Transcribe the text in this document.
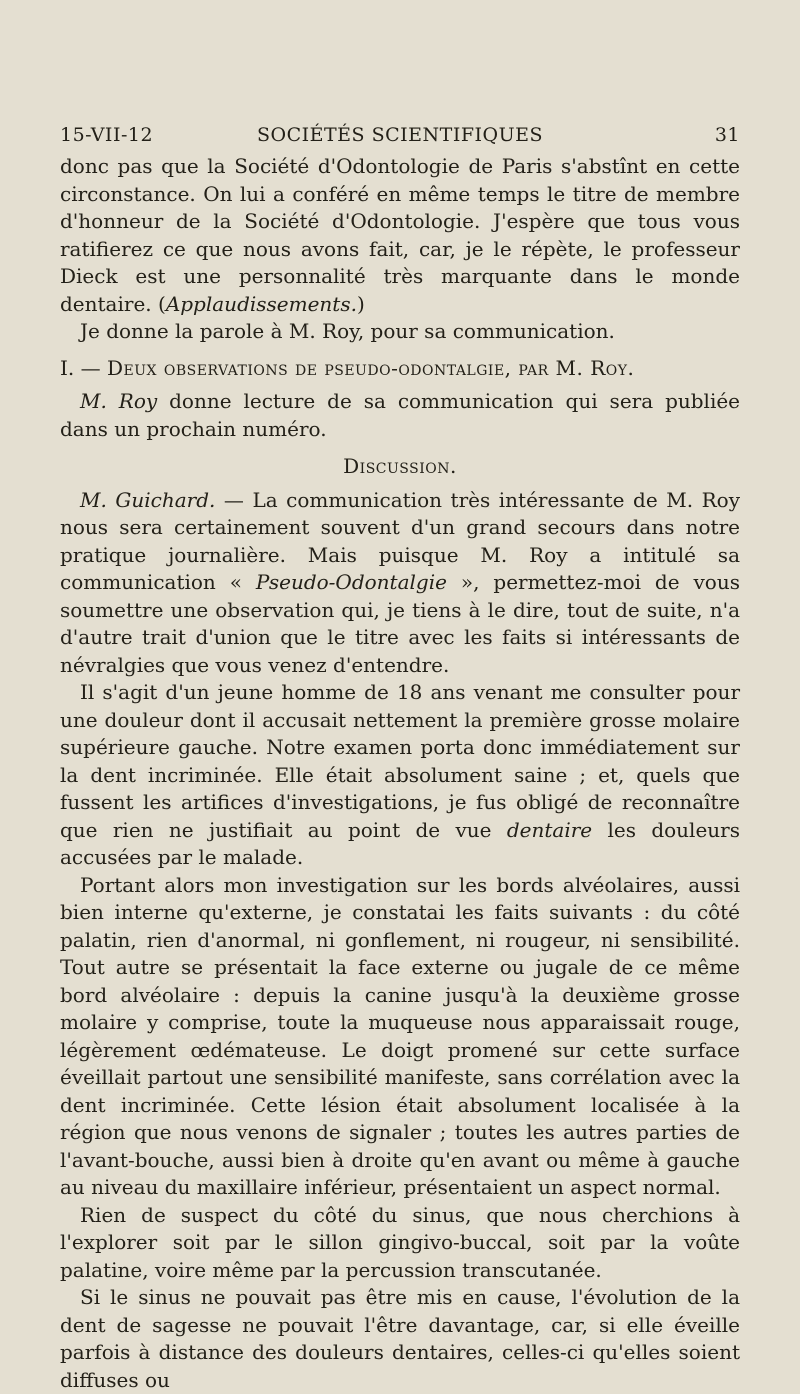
15-VII-12	SOCIÉTÉS SCIENTIFIQUES	31

donc pas que la Société d'Odontologie de Paris s'abstînt en cette circonstance. On lui a conféré en même temps le titre de membre d'honneur de la Société d'Odontologie. J'espère que tous vous ratifierez ce que nous avons fait, car, je le répète, le professeur Dieck est une personnalité très marquante dans le monde dentaire. (Applaudissements.)

Je donne la parole à M. Roy, pour sa communication.

I. — Deux observations de pseudo-odontalgie, par M. Roy.

M. Roy donne lecture de sa communication qui sera publiée dans un prochain numéro.

Discussion.

M. Guichard. — La communication très intéressante de M. Roy nous sera certainement souvent d'un grand secours dans notre pratique journalière. Mais puisque M. Roy a intitulé sa communication « Pseudo-Odontalgie », permettez-moi de vous soumettre une observation qui, je tiens à le dire, tout de suite, n'a d'autre trait d'union que le titre avec les faits si intéressants de névralgies que vous venez d'entendre.

Il s'agit d'un jeune homme de 18 ans venant me consulter pour une douleur dont il accusait nettement la première grosse molaire supérieure gauche. Notre examen porta donc immédiatement sur la dent incriminée. Elle était absolument saine ; et, quels que fussent les artifices d'investigations, je fus obligé de reconnaître que rien ne justifiait au point de vue dentaire les douleurs accusées par le malade.

Portant alors mon investigation sur les bords alvéolaires, aussi bien interne qu'externe, je constatai les faits suivants : du côté palatin, rien d'anormal, ni gonflement, ni rougeur, ni sensibilité. Tout autre se présentait la face externe ou jugale de ce même bord alvéolaire : depuis la canine jusqu'à la deuxième grosse molaire y comprise, toute la muqueuse nous apparaissait rouge, légèrement œdémateuse. Le doigt promené sur cette surface éveillait partout une sensibilité manifeste, sans corrélation avec la dent incriminée. Cette lésion était absolument localisée à la région que nous venons de signaler ; toutes les autres parties de l'avant-bouche, aussi bien à droite qu'en avant ou même à gauche au niveau du maxillaire inférieur, présentaient un aspect normal.

Rien de suspect du côté du sinus, que nous cherchions à l'explorer soit par le sillon gingivo-buccal, soit par la voûte palatine, voire même par la percussion transcutanée.

Si le sinus ne pouvait pas être mis en cause, l'évolution de la dent de sagesse ne pouvait l'être davantage, car, si elle éveille parfois à distance des douleurs dentaires, celles-ci qu'elles soient diffuses ou
